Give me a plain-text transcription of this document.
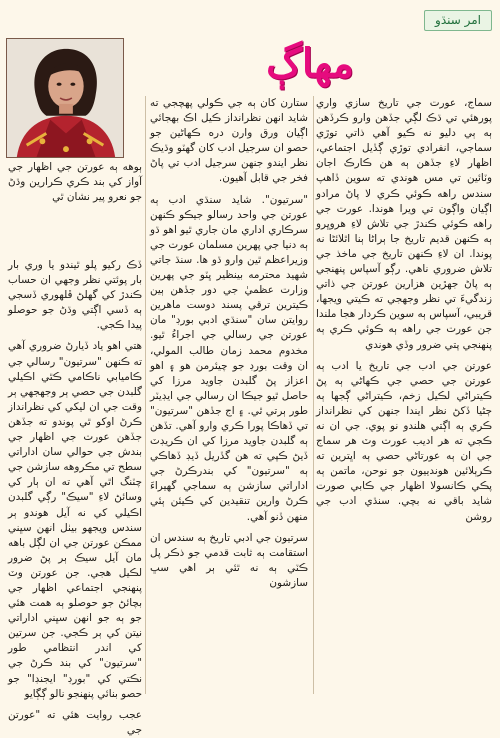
امر سنڌو
مهاڳ

سماج، عورت جي تاريخ سازي واري پورهئي تي ڌڪ لڳي جڏهن وارو ڪرڏهن ٻه ٻي دليو نه ڪيو آهي ذاتي توڙي سماجي، انفرادي توڙي ڳڏيل اجتماعي، اظهار لاءِ جڏهن ٻه هن ڪارڪ اجان وٽائين تي مس هوندي ته سوين ڏاهپ سندس راهه ڪوئي ڪري لا پاڻ مرادو اڳيان واڳون تي ويرا هوندا. عورت جي راهه ڪوئي ڪندڙ جي تلاش لاءِ هروڀرو ٻه ڪنهن قديم تاريخ جا ٻراڻا ٻنا اٿلائڻا نه پوندا. ان لاءِ ڪنهن تاريخ جي ماخذ جي تلاش ضروري ناهي. رڳو آسپاس پنهنجي ٻه پاڻ جهڙين هزارين عورتن جي ذاتي زندگيءَ تي نظر وجهجي ته ڪيتي ويجها، قريبي، آسپاس ٻه سوين ڪردار هجا ملندا جن عورت جي راهه ٻه ڪوئي ڪري ٻه پنهنجي پتي ضرور وڏي هوندي

عورتن جي ادب جي تاريخ يا ادب ٻه عورتن جي حصي جي ڪهاڻي ٻه پڻ ڪيتراڻي لڪيل زخم، ڪيتراڻي ڳجها ٻه ڄڻيا ڏکڻ نظر ايندا جنهن کي نظرانداز ڪري ٻه اڳتي هلندو نو پوي. جي ان نه ڪجي ته هر اديب عورت وٽ هر سماج جي ان ٻه عورتاڻي حصي ٻه اڀترين ته ڪرٻلائين هوندييون جو نوحن، ماتمن ٻه پڪي ڪانسولا اظهار جي ڪابي صورت شايد باقي نه بچي. سنڌي ادب جي روشن

ستارن کان ٻه جي ڪولي پهچجي ته شايد انهن نظرانداز ڪيل اڪ بهجائي اڳيان ورق وارن دره ڪهاڻين جو حصو ان سرجيل ادب کان گهٽو وڌيڪ نظر ايندو جنهن سرجيل ادب تي پاڻ فخر جي قابل آهيون.

"سرتيون". شايد سنڌي ادب ٻه عورتن جي واحد رسالو جيڪو ڪنهن سرڪاري اداري مان جاري ٿيو اهو ڌو ٻه دنيا جي پهرين مسلمان عورت جي وزيراعظم ٿين وارو ڌو ها. سنڌ جاتي شهيد محترمه بينظير ڀٽو جي پهرين وزارت عظميٰ جي دور جڏهن ٻين ڪيترين ترقي پسند دوست ماهرين روايتن سان "سنڌي ادبي بورڊ" مان عورتن جي رسالي جي اجراءُ ٿيو. مخدوم محمد زمان طالب المولي، ان وقت بورڊ جو چيئرمن هو ۽ اهو اعزاز پڻ گلبدن جاويد مرزا کي حاصل ٿيو جيڪا ان رسالي جي ايڊيٽر طور ٻرتي ٿي. ۽ اج جڏهن "سرتيون" تي ڏهاڪا پورا ڪري وارو آهي. تڏهن ٻه گلبدن جاويد مرزا کي ان ڪريڊٽ ڏيڻ ڪپي ته هن گڏريل ڏيڊ ڏهاڪي ٻه "سرتيون" کي بندرڪرڻ جي اداراتي سازشن ٻه سماجي گهيراءَ ڪرڻ وارين تنقيدين کي ڪيئن ٻئي منهن ڏنو آهي.

سرتيون جي ادبي تاريخ ٻه سندس ان استقامت ٻه ثابت قدمي جو ذڪر پل ڪٽي ٻه نه ٿئي ٻر اهي سڀ سازشون

ٻوهه ٻه عورتن جي اظهار جي آواز کي بند ڪري ڪرارين وڌڻ جو نعرو پير نشان ٿي

ڏڪ رکيو پلو ٿيندو يا وري بار بار پوئتي نظر وجهي ان حساب ڪندڙ کي گهلڻ ڦلهوري ڏسجي ٻه ڏسي اڳتي وڌڻ جو حوصلو پيدا ڪجي.

هتي اهو ياد ڏيارڻ ضروري آهي ته ڪنهن "سرتيون" رسالي جي ڪاميابي ناڪامي ڪٿي اڪيلي گلبدن جي حصي ٻر وجهجهي ٻر وقت جي ان ليکي کي نظرانداز ڪرڻ اوکو ٿي پوندو ته جڏهن جڏهن عورت جي اظهار جي بندش جي حوالي سان اداراتي سطح تي مڪروهه سازشن جي چٽنگ اٿي آهي ته ان ٻار کي وسائڻ لاءِ "سيڪ" رڳي گلبدن اڪيلي کي نه آيل هوندو ٻر سندس ويجهو بيٺل انهن سڀني ممڪن عورتن جي ان لڳل باهه مان آيل سيڪ ٻر پڻ ضرور لڪيل هجي. جن عورتن وٽ پنهنجي اجتماعي اظهار جي بچائڻ جو حوصلو ٻه همت هئي جو ٻه جو انهن سڀني اداراتي نيتن کي ٻر ڪجي. جن سرتين کي اندر انتظامي طور "سرتيون" کي بند ڪرڻ جي نڪتي کي "بورڊ" ايجنڊا" جو حصو بنائي پنهنجو نالو ڳڳايو

عجب روايت هئي ته "عورتن جي
